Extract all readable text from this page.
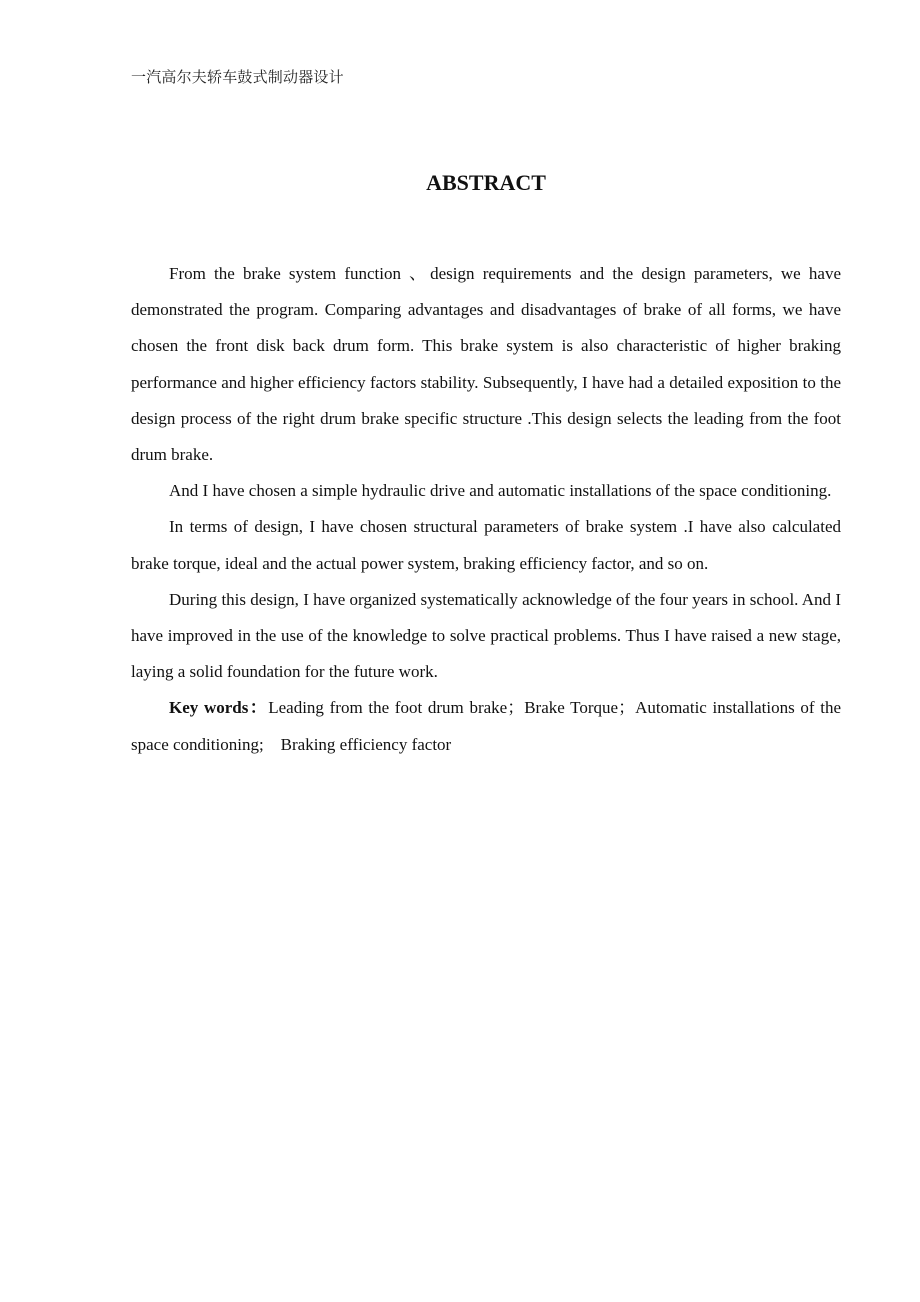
一汽高尔夫轿车鼓式制动器设计
ABSTRACT

From the brake system function 、design requirements and the design parameters, we have demonstrated the program. Comparing advantages and disadvantages of brake of all forms, we have chosen the front disk back drum form. This brake system is also characteristic of higher braking performance and higher efficiency factors stability. Subsequently, I have had a detailed exposition to the design process of the right drum brake specific structure .This design selects the leading from the foot drum brake.

And I have chosen a simple hydraulic drive and automatic installations of the space conditioning.

In terms of design, I have chosen structural parameters of brake system .I have also calculated brake torque, ideal and the actual power system, braking efficiency factor, and so on.

During this design, I have organized systematically acknowledge of the four years in school. And I have improved in the use of the knowledge to solve practical problems. Thus I have raised a new stage, laying a solid foundation for the future work.

Key words：Leading from the foot drum brake；Brake Torque；Automatic installations of the space conditioning;　Braking efficiency factor
